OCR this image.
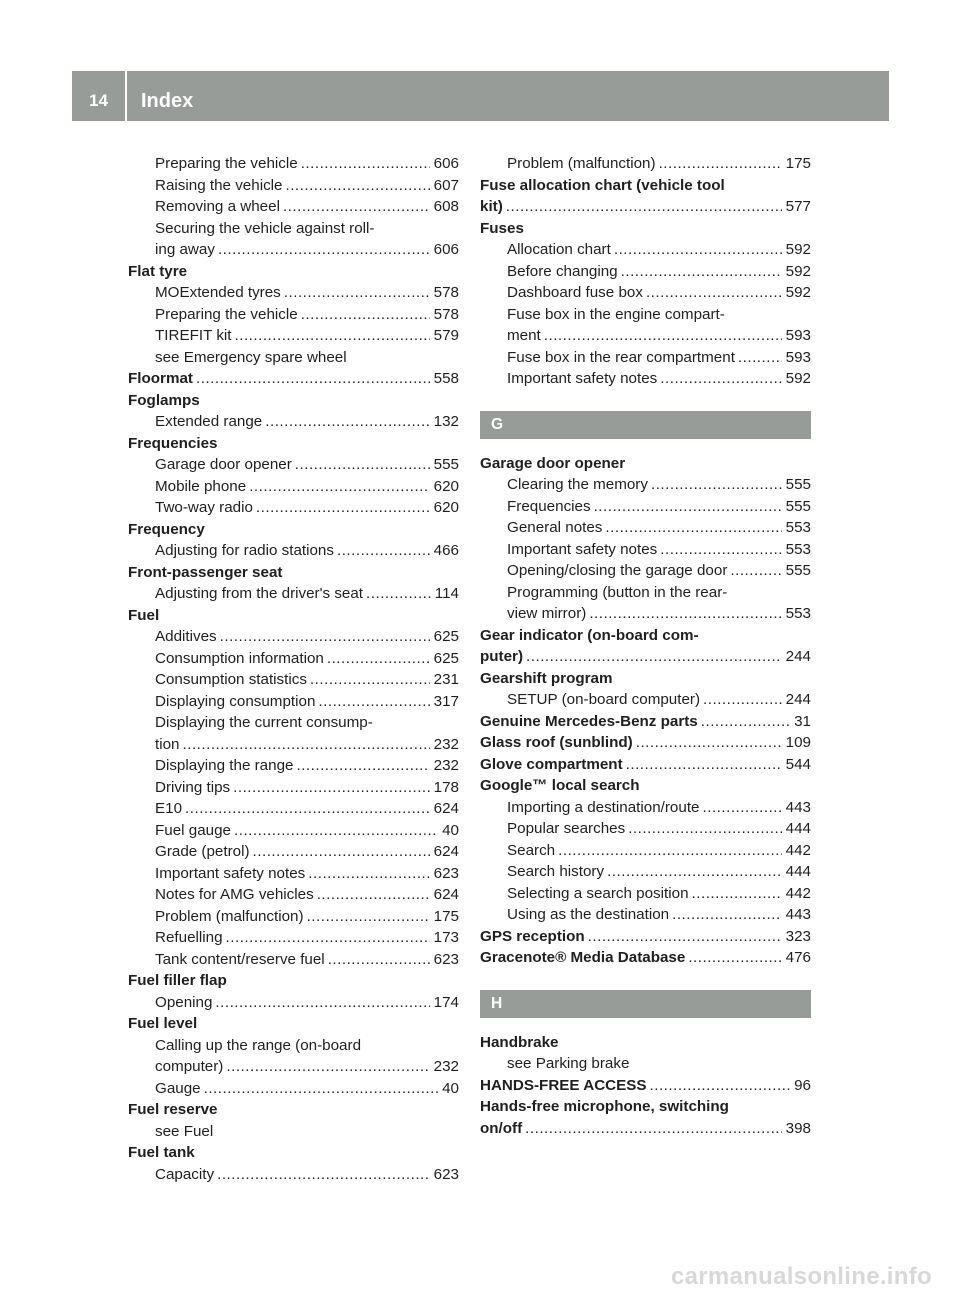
14	Index
Preparing the vehicle .....	606
Raising the vehicle .....	607
Removing a wheel .....	608
Securing the vehicle against roll-
ing away .....	606
Flat tyre
MOExtended tyres .....	578
Preparing the vehicle .....	578
TIREFIT kit .....	579
see Emergency spare wheel
Floormat .....	558
Foglamps
Extended range .....	132
Frequencies
Garage door opener .....	555
Mobile phone .....	620
Two-way radio .....	620
Frequency
Adjusting for radio stations .....	466
Front-passenger seat
Adjusting from the driver's seat .....	114
Fuel
Additives .....	625
Consumption information .....	625
Consumption statistics .....	231
Displaying consumption .....	317
Displaying the current consump-
tion .....	232
Displaying the range .....	232
Driving tips .....	178
E10 .....	624
Fuel gauge .....	40
Grade (petrol) .....	624
Important safety notes .....	623
Notes for AMG vehicles .....	624
Problem (malfunction) .....	175
Refuelling .....	173
Tank content/reserve fuel .....	623
Fuel filler flap
Opening .....	174
Fuel level
Calling up the range (on-board
computer) .....	232
Gauge .....	40
Fuel reserve
see Fuel
Fuel tank
Capacity .....	623
Problem (malfunction) .....	175
Fuse allocation chart (vehicle tool
kit) .....	577
Fuses
Allocation chart .....	592
Before changing .....	592
Dashboard fuse box .....	592
Fuse box in the engine compart-
ment .....	593
Fuse box in the rear compartment .....	593
Important safety notes .....	592
G
Garage door opener
Clearing the memory .....	555
Frequencies .....	555
General notes .....	553
Important safety notes .....	553
Opening/closing the garage door .....	555
Programming (button in the rear-
view mirror) .....	553
Gear indicator (on-board com-
puter) .....	244
Gearshift program
SETUP (on-board computer) .....	244
Genuine Mercedes-Benz parts .....	31
Glass roof (sunblind) .....	109
Glove compartment .....	544
Google™ local search
Importing a destination/route .....	443
Popular searches .....	444
Search .....	442
Search history .....	444
Selecting a search position .....	442
Using as the destination .....	443
GPS reception .....	323
Gracenote® Media Database .....	476
H
Handbrake
see Parking brake
HANDS-FREE ACCESS .....	96
Hands-free microphone, switching
on/off .....	398
carmanualsonline.info
